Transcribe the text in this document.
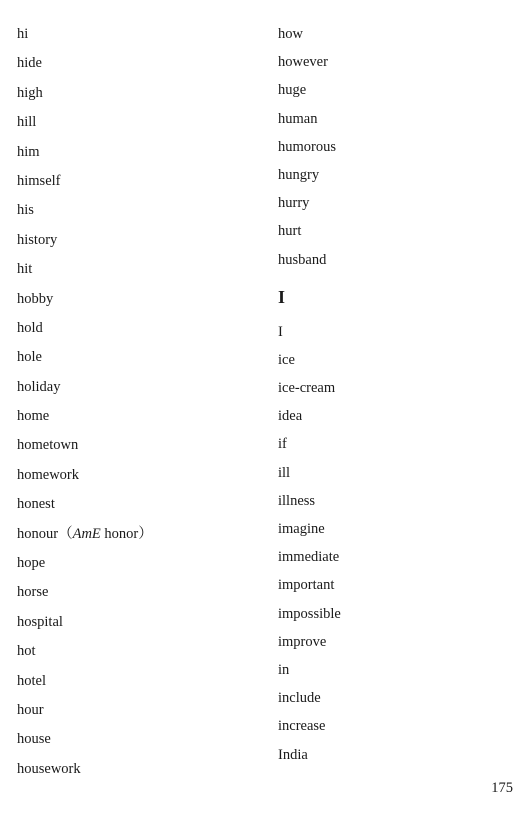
hi
hide
high
hill
him
himself
his
history
hit
hobby
hold
hole
holiday
home
hometown
homework
honest
honour（AmE honor）
hope
horse
hospital
hot
hotel
hour
house
housework
how
however
huge
human
humorous
hungry
hurry
hurt
husband
I
I
ice
ice-cream
idea
if
ill
illness
imagine
immediate
important
impossible
improve
in
include
increase
India
175
